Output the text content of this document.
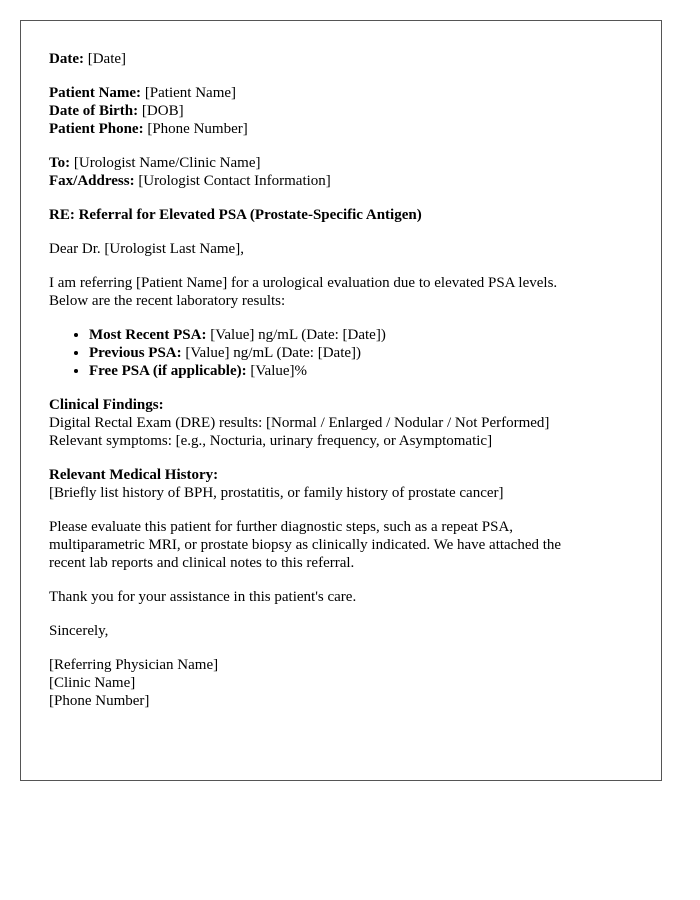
Date: [Date]

Patient Name: [Patient Name]
Date of Birth: [DOB]
Patient Phone: [Phone Number]

To: [Urologist Name/Clinic Name]
Fax/Address: [Urologist Contact Information]

RE: Referral for Elevated PSA (Prostate-Specific Antigen)

Dear Dr. [Urologist Last Name],

I am referring [Patient Name] for a urological evaluation due to elevated PSA levels.
Below are the recent laboratory results:

• Most Recent PSA: [Value] ng/mL (Date: [Date])
• Previous PSA: [Value] ng/mL (Date: [Date])
• Free PSA (if applicable): [Value]%

Clinical Findings:
Digital Rectal Exam (DRE) results: [Normal / Enlarged / Nodular / Not Performed]
Relevant symptoms: [e.g., Nocturia, urinary frequency, or Asymptomatic]

Relevant Medical History:
[Briefly list history of BPH, prostatitis, or family history of prostate cancer]

Please evaluate this patient for further diagnostic steps, such as a repeat PSA,
multiparametric MRI, or prostate biopsy as clinically indicated. We have attached the
recent lab reports and clinical notes to this referral.

Thank you for your assistance in this patient's care.

Sincerely,

[Referring Physician Name]
[Clinic Name]
[Phone Number]
